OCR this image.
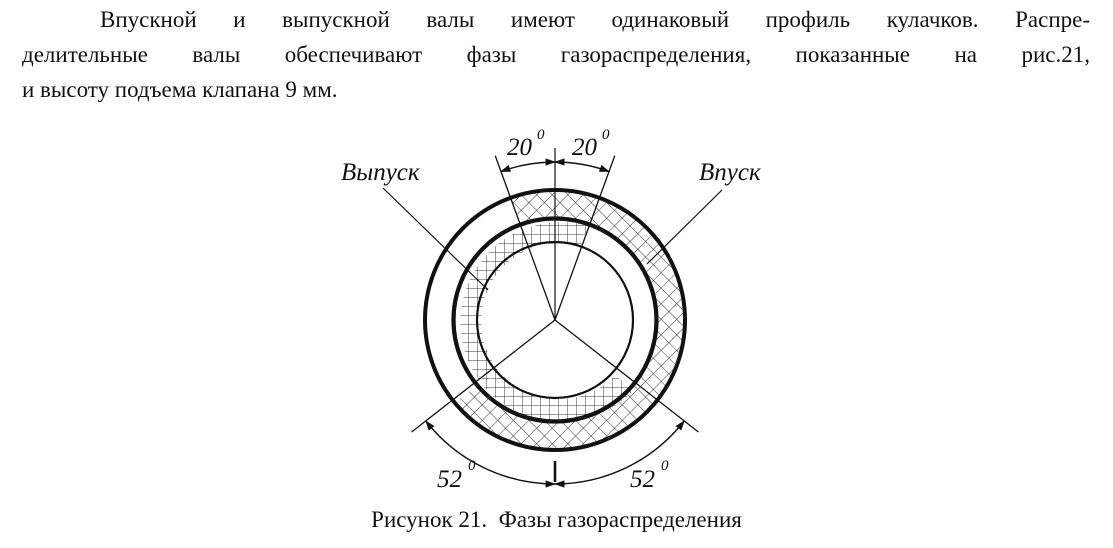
Впускной и выпускной валы имеют одинаковый профиль кулачков. Распре-
делительные валы обеспечивают фазы газораспределения, показанные на рис.21,
и высоту подъема клапана 9 мм.
Выпуск	Впуск
20 0 20 0
52 0	52 0
Рисунок 21. Фазы газораспределения
